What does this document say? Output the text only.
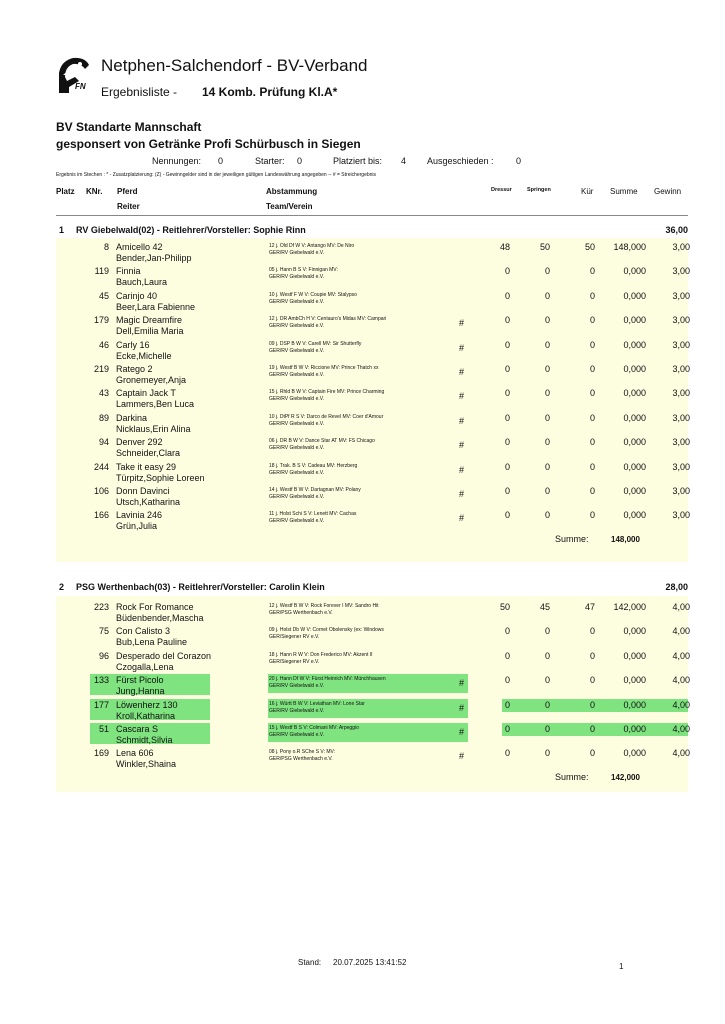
FN
Netphen-Salchendorf - BV-Verband
Ergebnisliste - 14 Komb. Prüfung Kl.A*
BV Standarte Mannschaft
gesponsert von Getränke Profi Schürbusch in Siegen
Nennungen: 0	Starter: 0	Platziert bis: 4 Ausgeschieden : 0
Ergebnis im Stechen : * - Zusatzplatzierung: (Z) - Gewinngelder sind in der jeweiligen gültigen Landeswährung angegeben -- # = Streichergebnis
Platz KNr. Pferd
Reiter
Abstammung
Team/Verein
Dressur	Springen	Kür Summe Gewinn
1 RV Giebelwald(02) - Reitlehrer/Vorsteller: Sophie Rinn	36,00
8 Amicello 42
Bender,Jan-Philipp
12 j. Old Df W V: Antango MV: De Niro
GER/RV Giebelwald e.V.
48	50	50	148,000	3,00
119 Finnia
Bauch,Laura
05 j. Hann B S V: Finnigan MV:
GER/RV Giebelwald e.V.
0	0	0	0,000	3,00
45 Carinjo 40
Beer,Lara Fabienne
10 j. Westf F W V: Coupie MV: Stalypso
GER/RV Giebelwald e.V.
0	0	0	0,000	3,00
179 Magic Dreamfire
Dell,Emilia Maria
12 j. DR AmbCh H V: Centauro's Midas MV: Campari
GER/RV Giebelwald e.V.	#	0	0	0	0,000	3,00
46 Carly 16
Ecke,Michelle
09 j. DSP B W V: Carell MV: Sir Shutterfly
GER/RV Giebelwald e.V.	#	0	0	0	0,000	3,00
219 Ratego 2
Gronemeyer,Anja
19 j. Westf B W V: Riccione MV: Prince Thatch xx
GER/RV Giebelwald e.V.	#	0	0	0	0,000	3,00
43 Captain Jack T
Lammers,Ben Luca
15 j. Rhld B W V: Captain Fire MV: Prince Charming
GER/RV Giebelwald e.V.	#	0	0	0	0,000	3,00
89 Darkina
Nicklaus,Erin Alina
10 j. DtPf R S V: Darco de Revel MV: Coer d'Amour
GER/RV Giebelwald e.V.	#	0	0	0	0,000	3,00
94 Denver 292
Schneider,Clara
06 j. DR B W V: Dance Star AT MV: FS Chicago
GER/RV Giebelwald e.V.	#	0	0	0	0,000	3,00
244 Take it easy 29
Türpitz,Sophie Loreen
18 j. Trak. B S V: Cadeau MV: Herzberg
GER/RV Giebelwald e.V.	#	0	0	0	0,000	3,00
106 Donn Davinci
Utsch,Katharina
14 j. Westf B W V: Dartagnan MV: Polany
GER/RV Giebelwald e.V.	#	0	0	0	0,000	3,00
166 Lavinia 246
Grün,Julia
11 j. Holst Schi S V: Lenett MV: Cachas
GER/RV Giebelwald e.V.	#	0	0	0	0,000	3,00
Summe:	148,000
2 PSG Werthenbach(03) - Reitlehrer/Vorsteller: Carolin Klein	28,00
223 Rock For Romance
Büdenbender,Mascha
12 j. Westf B W V: Rock Forever I MV: Sandro Hit
GER/PSG Werthenbach e.V.
50	45	47	142,000	4,00
75 Con Calisto 3
Bub,Lena Pauline
09 j. Holst Db W V: Cornet Obolensky (ex: Windows
GER/Siegener RV e.V.
0	0	0	0,000	4,00
96 Desperado del Corazon
Czogalla,Lena
18 j. Hann R W V: Don Frederico MV: Akzent II
GER/Siegener RV e.V.
0	0	0	0,000	4,00
133 Fürst Picolo
Jung,Hanna
20 j. Hann Df W V: Fürst Heinrich MV: Münchhausen
GER/RV Giebelwald e.V.	#	0	0	0	0,000	4,00
177 Löwenherz 130
Kroll,Katharina
16 j. Württ B W V: Leviathan MV: Lone Star
GER/RV Giebelwald e.V.	#	0	0	0	0,000	4,00
51 Cascara S
Schmidt,Silvia
15 j. Westf B S V: Colmani MV: Arpeggio
GER/RV Giebelwald e.V.	#	0	0	0	0,000	4,00
169 Lena 606
Winkler,Shaina
08 j. Pony o.R SChe S V: MV:
GER/PSG Werthenbach e.V.	#	0	0	0	0,000	4,00
Summe:	142,000
Stand: 20.07.2025 13:41:52	1
